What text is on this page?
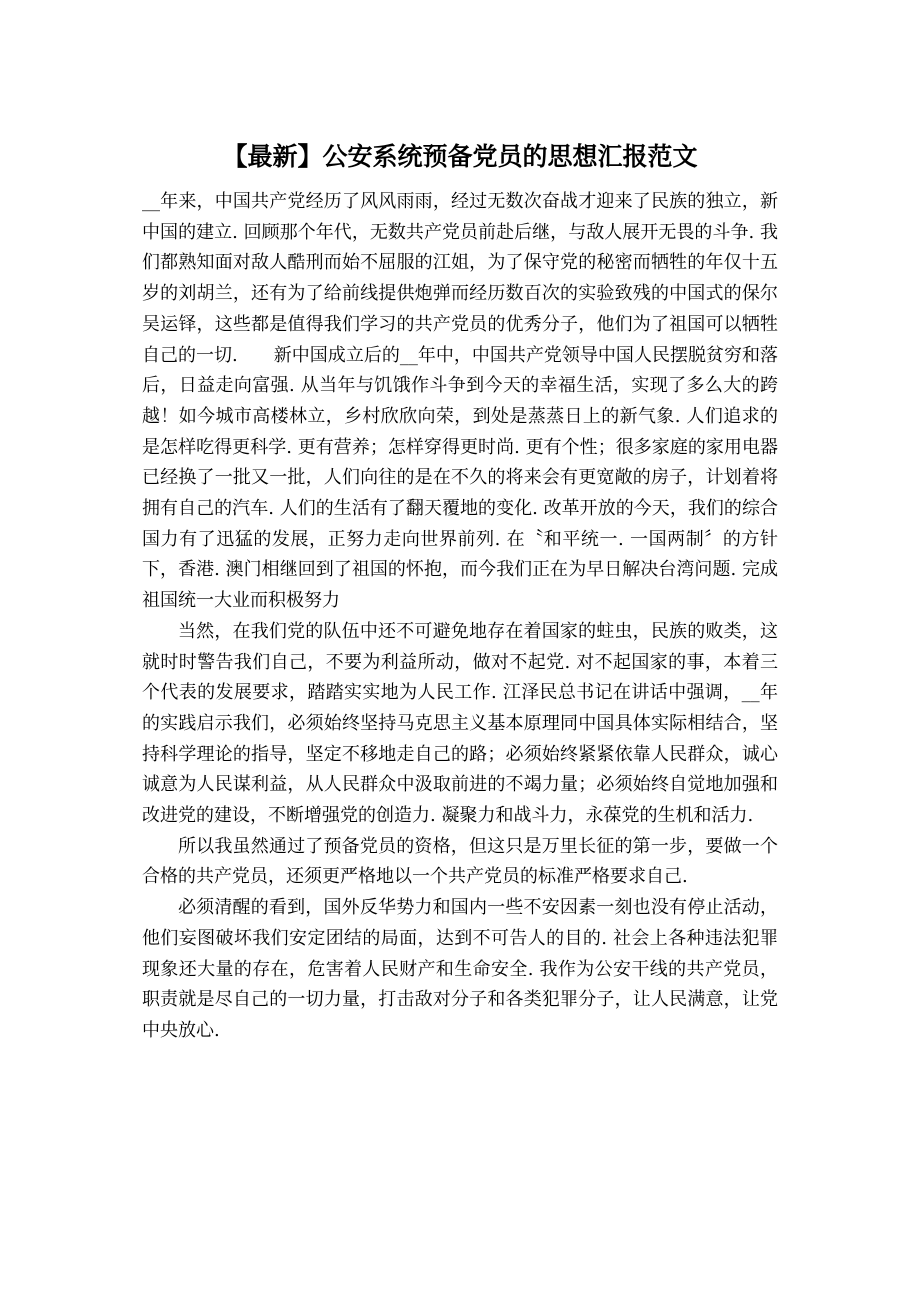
【最新】公安系统预备党员的思想汇报范文

__年来，中国共产党经历了风风雨雨，经过无数次奋战才迎来了民族的独立，新中国的建立. 回顾那个年代，无数共产党员前赴后继，与敌人展开无畏的斗争. 我们都熟知面对敌人酷刑而始不屈服的江姐，为了保守党的秘密而牺牲的年仅十五岁的刘胡兰，还有为了给前线提供炮弹而经历数百次的实验致残的中国式的保尔吴运铎，这些都是值得我们学习的共产党员的优秀分子，他们为了祖国可以牺牲自己的一切.　　新中国成立后的__年中，中国共产党领导中国人民摆脱贫穷和落后，日益走向富强. 从当年与饥饿作斗争到今天的幸福生活，实现了多么大的跨越！如今城市高楼林立，乡村欣欣向荣，到处是蒸蒸日上的新气象. 人们追求的是怎样吃得更科学. 更有营养；怎样穿得更时尚. 更有个性；很多家庭的家用电器已经换了一批又一批，人们向往的是在不久的将来会有更宽敞的房子，计划着将拥有自己的汽车. 人们的生活有了翻天覆地的变化. 改革开放的今天，我们的综合国力有了迅猛的发展，正努力走向世界前列. 在〝和平统一. 一国两制〞的方针下，香港. 澳门相继回到了祖国的怀抱，而今我们正在为早日解决台湾问题. 完成祖国统一大业而积极努力

当然，在我们党的队伍中还不可避免地存在着国家的蛀虫，民族的败类，这就时时警告我们自己，不要为利益所动，做对不起党. 对不起国家的事，本着三个代表的发展要求，踏踏实实地为人民工作. 江泽民总书记在讲话中强调，__年的实践启示我们，必须始终坚持马克思主义基本原理同中国具体实际相结合，坚持科学理论的指导，坚定不移地走自己的路；必须始终紧紧依靠人民群众，诚心诚意为人民谋利益，从人民群众中汲取前进的不竭力量；必须始终自觉地加强和改进党的建设，不断增强党的创造力. 凝聚力和战斗力，永葆党的生机和活力.

所以我虽然通过了预备党员的资格，但这只是万里长征的第一步，要做一个合格的共产党员，还须更严格地以一个共产党员的标准严格要求自己.

必须清醒的看到，国外反华势力和国内一些不安因素一刻也没有停止活动，他们妄图破坏我们安定团结的局面，达到不可告人的目的. 社会上各种违法犯罪现象还大量的存在，危害着人民财产和生命安全. 我作为公安干线的共产党员，职责就是尽自己的一切力量，打击敌对分子和各类犯罪分子，让人民满意，让党中央放心.
